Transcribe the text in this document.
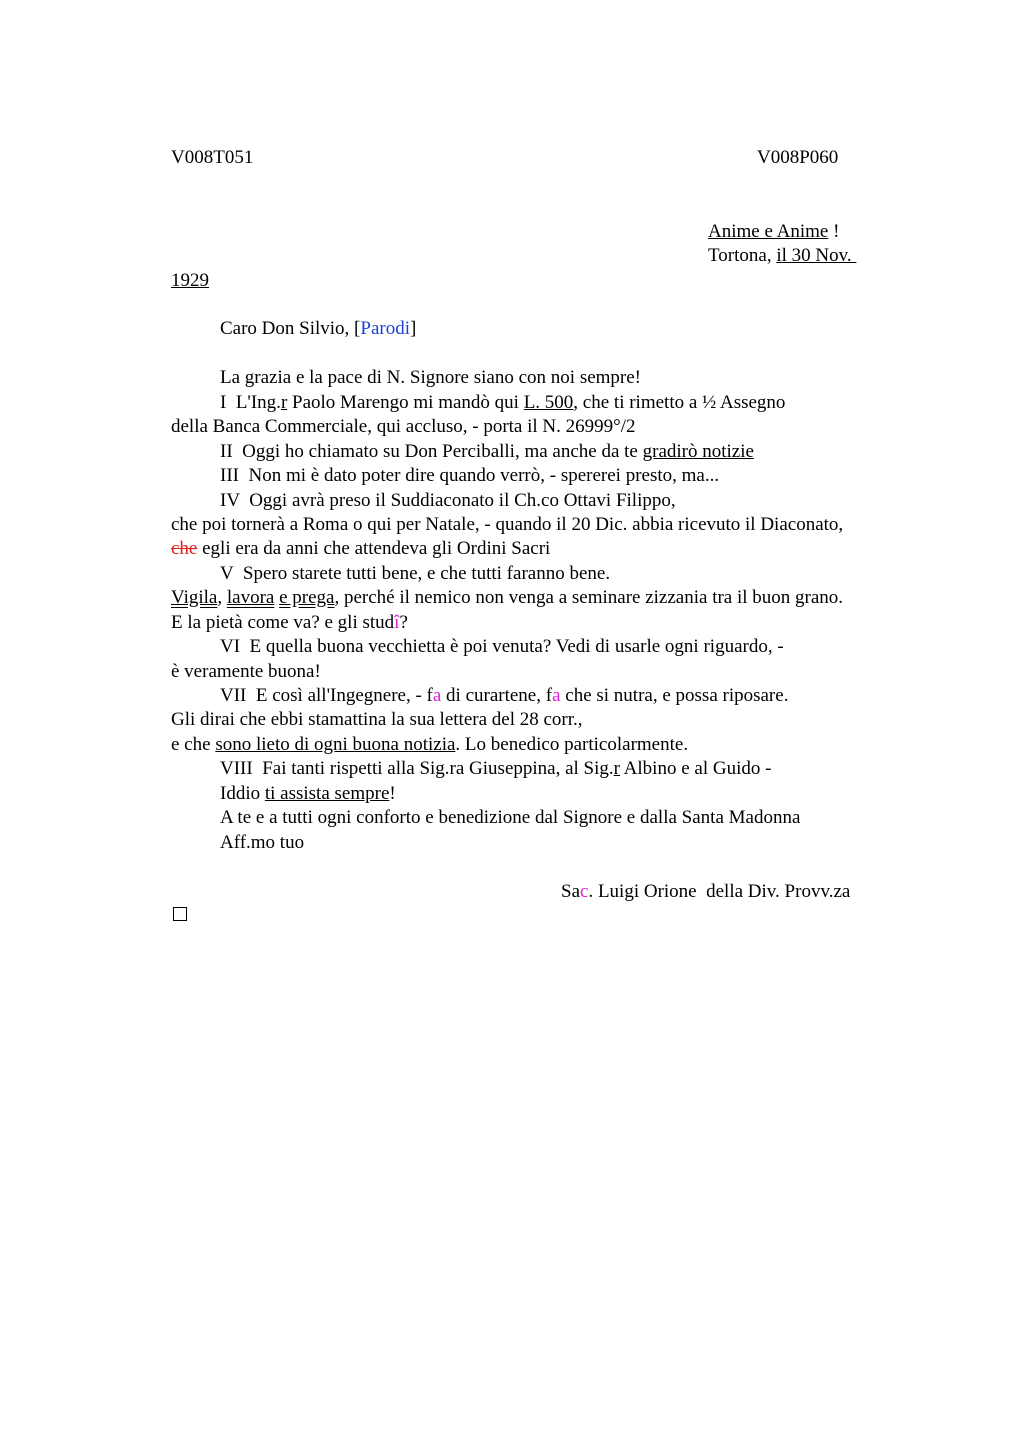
V008T051	V008P060
Anime e Anime !
Tortona, il 30 Nov.
1929
Caro Don Silvio, [Parodi]
La grazia e la pace di N. Signore siano con noi sempre!
I  L'Ing.r Paolo Marengo mi mandò qui L. 500, che ti rimetto a ½ Assegno
della Banca Commerciale, qui accluso, - porta il N. 26999°/2
II  Oggi ho chiamato su Don Perciballi, ma anche da te gradirò notizie
III  Non mi è dato poter dire quando verrò, - spererei presto, ma...
IV  Oggi avrà preso il Suddiaconato il Ch.co Ottavi Filippo,
che poi tornerà a Roma o qui per Natale, - quando il 20 Dic. abbia ricevuto il Diaconato,
che egli era da anni che attendeva gli Ordini Sacri
V  Spero starete tutti bene, e che tutti faranno bene.
Vigila, lavora e prega, perché il nemico non venga a seminare zizzania tra il buon grano.
E la pietà come va? e gli studî?
VI  E quella buona vecchietta è poi venuta? Vedi di usarle ogni riguardo, -
è veramente buona!
VII  E così all'Ingegnere, - fa di curartene, fa che si nutra, e possa riposare.
Gli dirai che ebbi stamattina la sua lettera del 28 corr.,
e che sono lieto di ogni buona notizia. Lo benedico particolarmente.
VIII  Fai tanti rispetti alla Sig.ra Giuseppina, al Sig.r Albino e al Guido -
Iddio ti assista sempre!
A te e a tutti ogni conforto e benedizione dal Signore e dalla Santa Madonna
Aff.mo tuo
Sac. Luigi Orione  della Div. Provv.za
